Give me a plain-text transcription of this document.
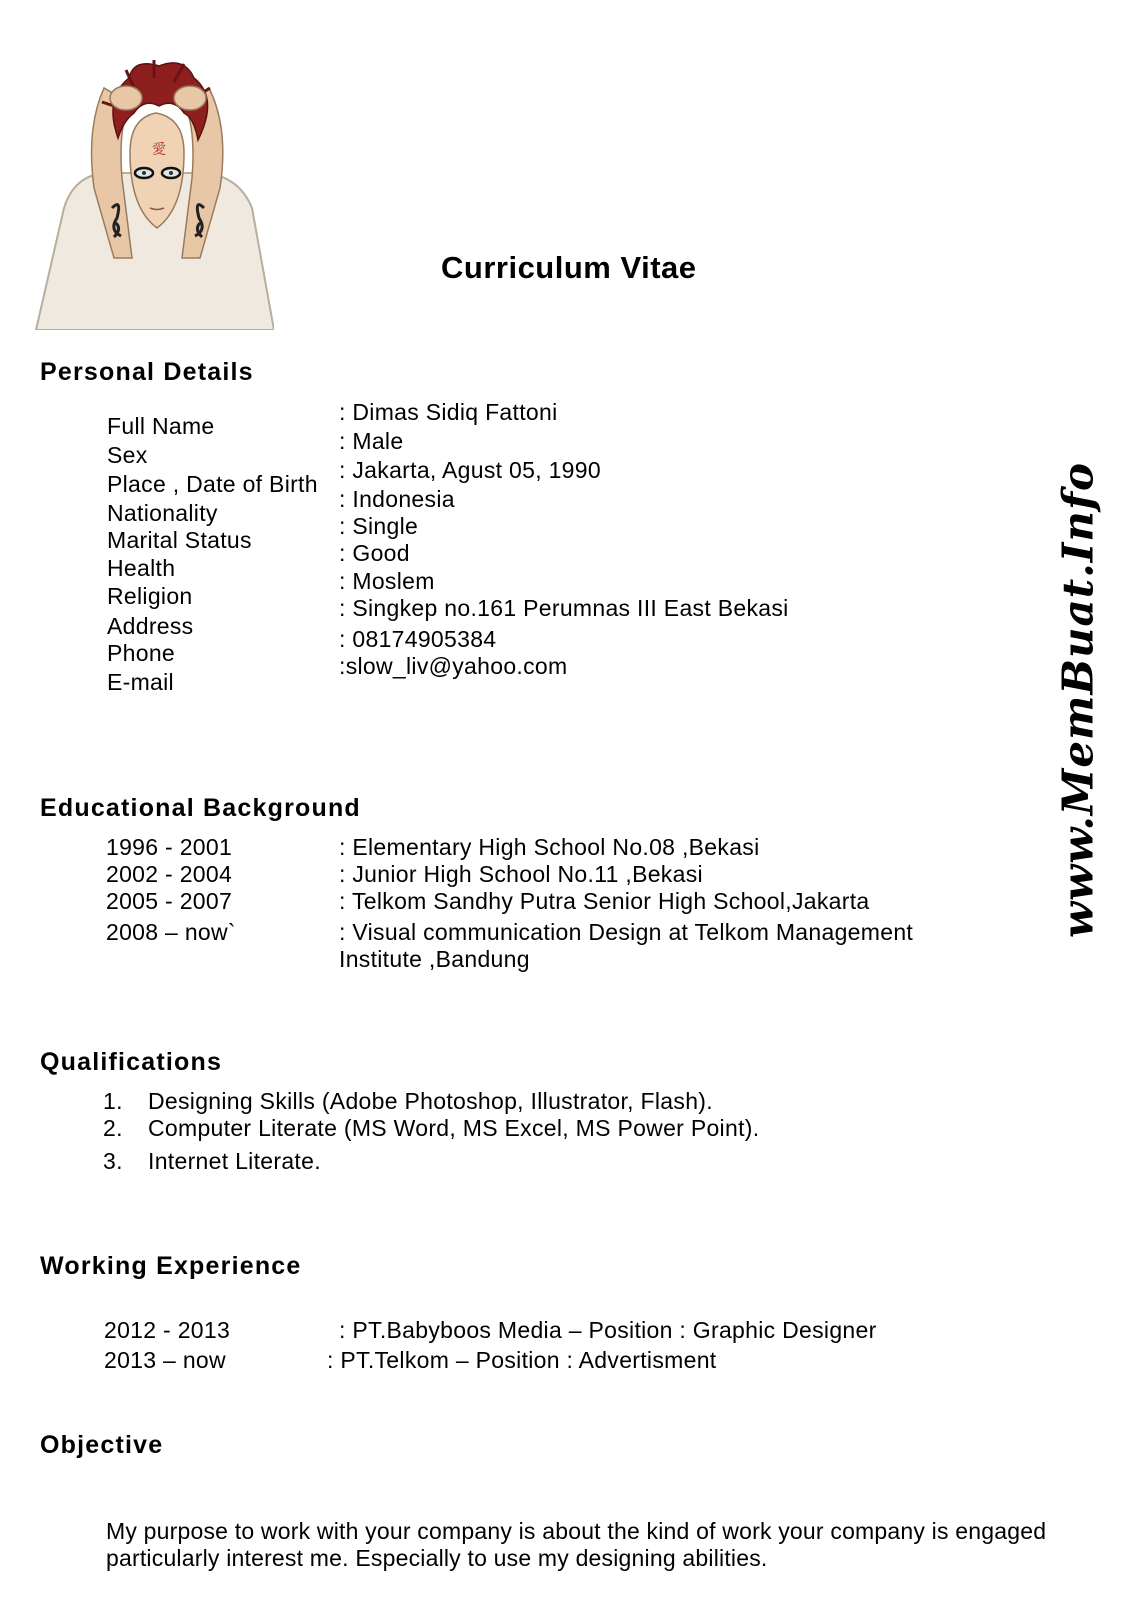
愛
Curriculum Vitae
www.MemBuat.Info
Personal Details
Full Name
Sex
Place , Date of Birth
Nationality
Marital Status
Health
Religion
Address
Phone
E-mail
: Dimas Sidiq Fattoni
: Male
: Jakarta, Agust 05, 1990
: Indonesia
: Single
: Good
: Moslem
: Singkep no.161 Perumnas III East Bekasi
: 08174905384
:slow_liv@yahoo.com
Educational Background
1996 - 2001
2002 - 2004
2005 - 2007
2008 – now`
: Elementary High School No.08 ,Bekasi
: Junior High School No.11 ,Bekasi
: Telkom Sandhy Putra Senior High School,Jakarta
: Visual communication Design at Telkom Management
Institute ,Bandung
Qualifications
1.
2.
3.
Designing Skills (Adobe Photoshop, Illustrator, Flash).
Computer Literate (MS Word, MS Excel, MS Power Point).
Internet Literate.
Working Experience
2012 - 2013
2013 – now
: PT.Babyboos Media – Position : Graphic Designer
: PT.Telkom – Position : Advertisment
Objective
My purpose to work with your company is about the kind of work your company is engaged particularly interest me. Especially to use my designing abilities.
